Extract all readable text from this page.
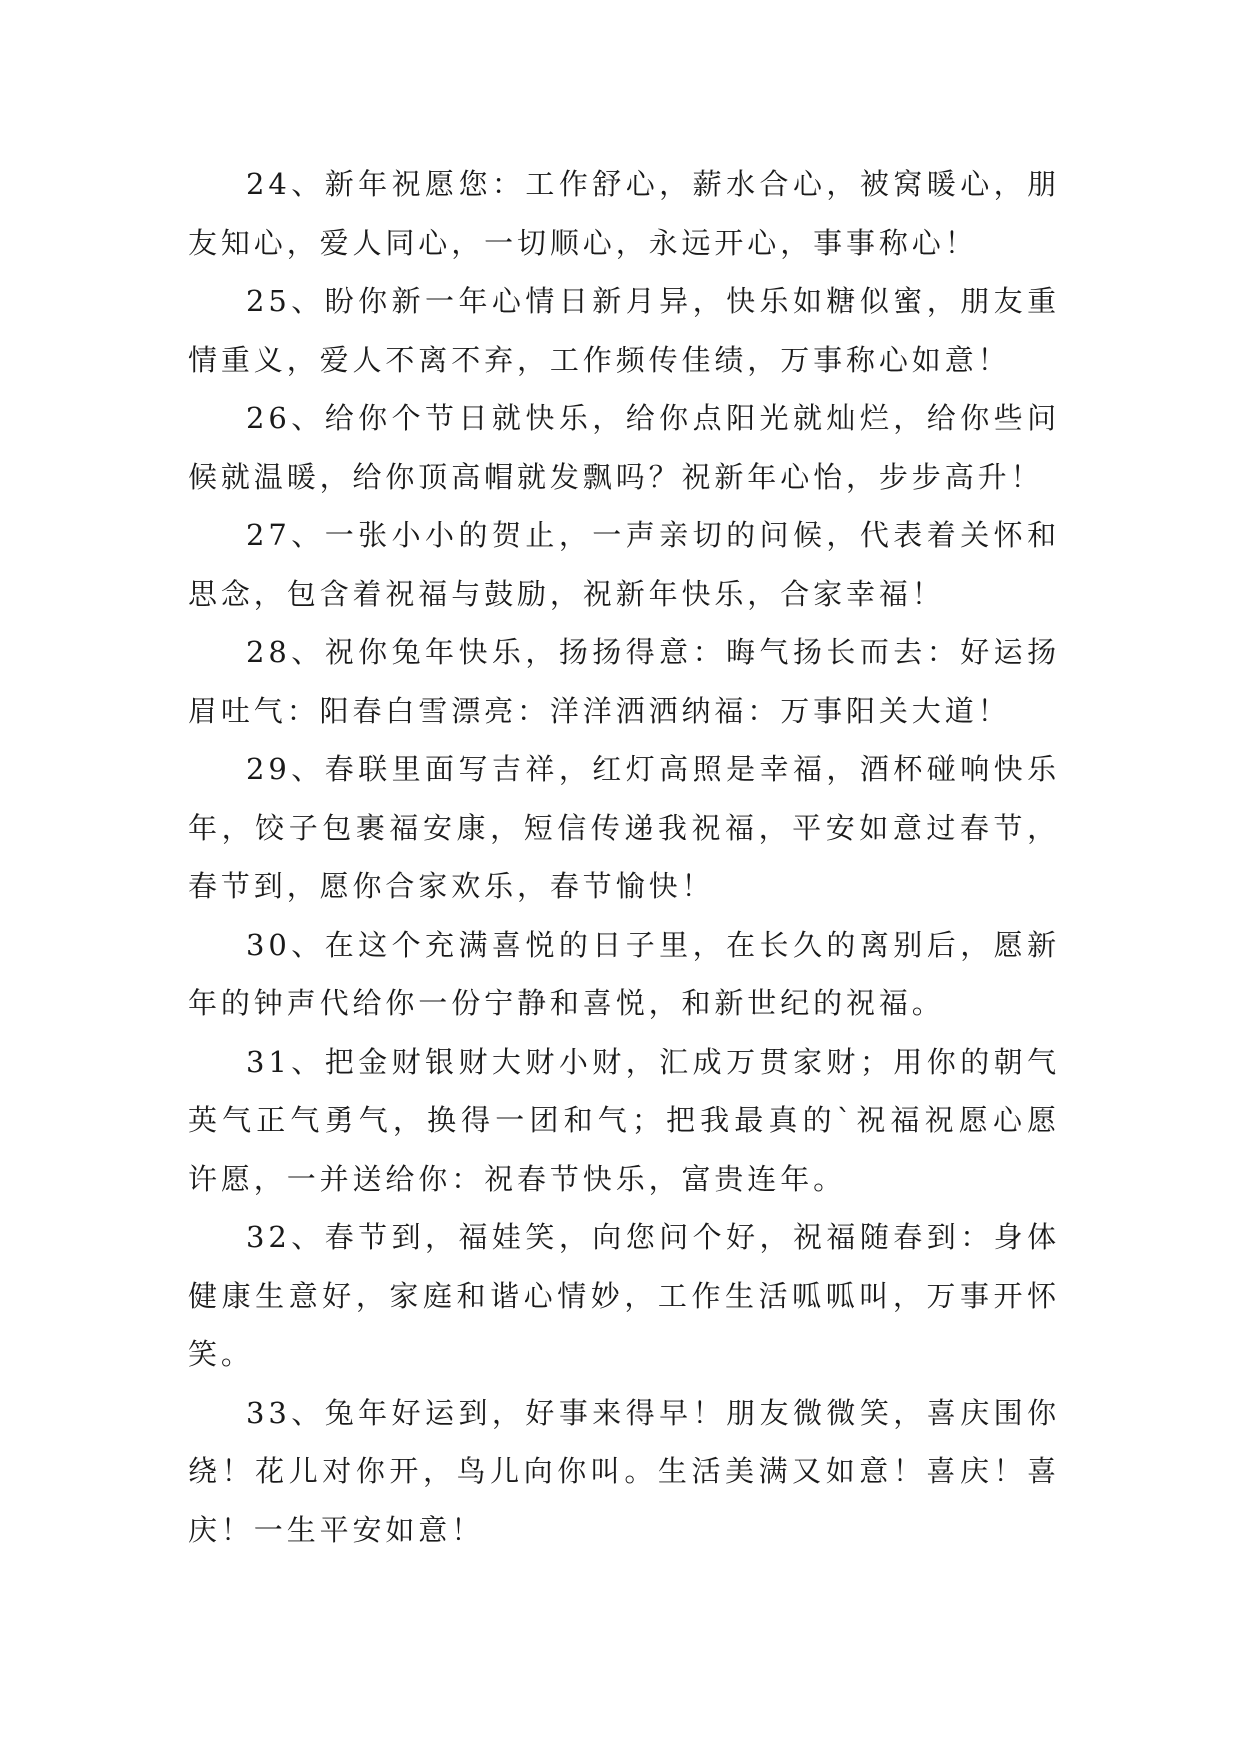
24、新年祝愿您：工作舒心，薪水合心，被窝暖心，朋友知心，爱人同心，一切顺心，永远开心，事事称心！

25、盼你新一年心情日新月异，快乐如糖似蜜，朋友重情重义，爱人不离不弃，工作频传佳绩，万事称心如意！

26、给你个节日就快乐，给你点阳光就灿烂，给你些问候就温暖，给你顶高帽就发飘吗？祝新年心怡，步步高升！

27、一张小小的贺止，一声亲切的问候，代表着关怀和思念，包含着祝福与鼓励，祝新年快乐，合家幸福！

28、祝你兔年快乐，扬扬得意：晦气扬长而去：好运扬眉吐气：阳春白雪漂亮：洋洋洒洒纳福：万事阳关大道！

29、春联里面写吉祥，红灯高照是幸福，酒杯碰响快乐年，饺子包裹福安康，短信传递我祝福，平安如意过春节，春节到，愿你合家欢乐，春节愉快！

30、在这个充满喜悦的日子里，在长久的离别后，愿新年的钟声代给你一份宁静和喜悦，和新世纪的祝福。

31、把金财银财大财小财，汇成万贯家财；用你的朝气英气正气勇气，换得一团和气；把我最真的`祝福祝愿心愿许愿，一并送给你：祝春节快乐，富贵连年。

32、春节到，福娃笑，向您问个好，祝福随春到：身体健康生意好，家庭和谐心情妙，工作生活呱呱叫，万事开怀笑。

33、兔年好运到，好事来得早！朋友微微笑，喜庆围你绕！花儿对你开，鸟儿向你叫。生活美满又如意！喜庆！喜庆！一生平安如意！
